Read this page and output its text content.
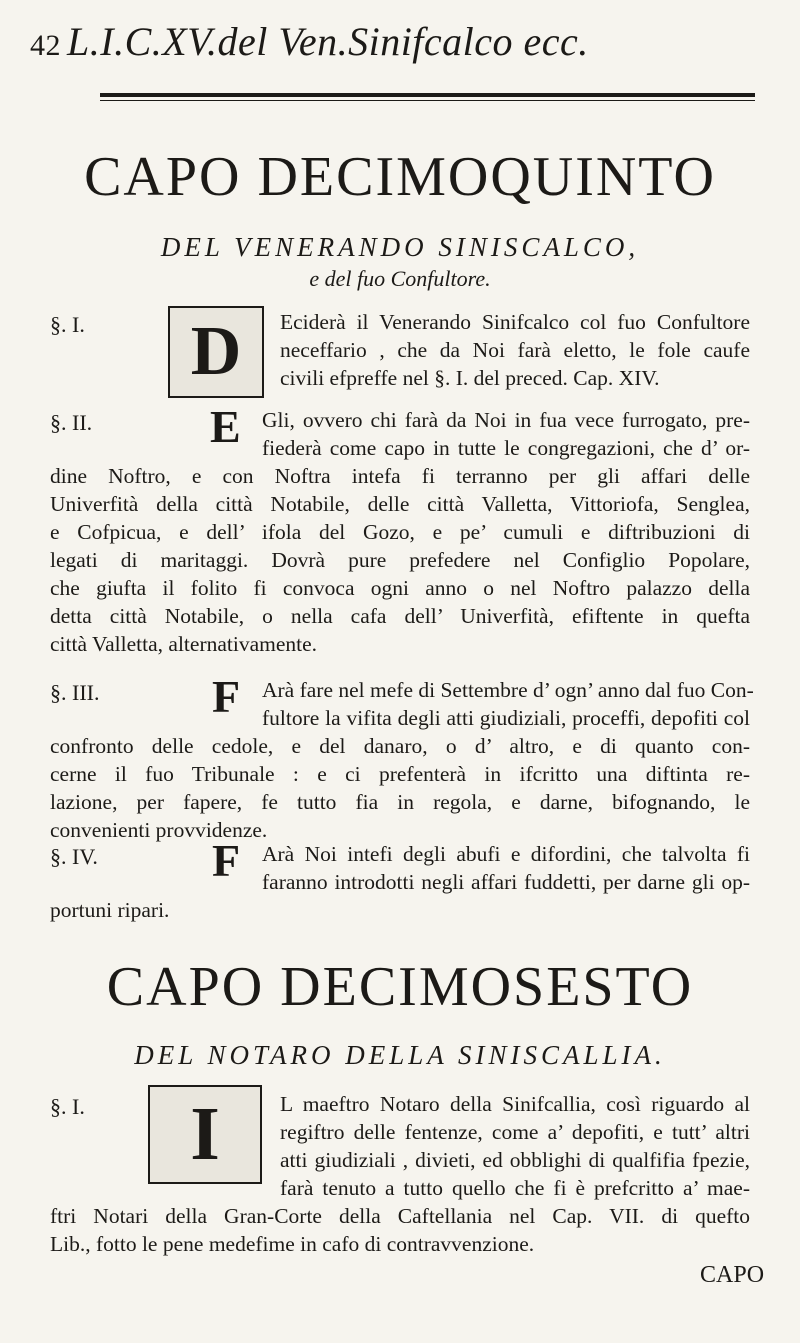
42 L.I.C.XV.del Ven.Sinifcalco ecc.
CAPO DECIMOQUINTO
DEL VENERANDO SINISCALCO,
e del fuo Confultore.
§. I. D Eciderà il Venerando Sinifcalco col fuo Confultore
neceffario , che da Noi farà eletto, le fole caufe
civili efpreffe nel §. I. del preced. Cap. XIV.
§. II.	E Gli, ovvero chi farà da Noi in fua vece furrogato, pre-
fiederà come capo in tutte le congregazioni, che d’ or-
dine Noftro, e con Noftra intefa fi terranno per gli affari delle
Univerfità della città Notabile, delle città Valletta, Vittoriofa, Senglea,
e Cofpicua, e dell’ ifola del Gozo, e pe’ cumuli e diftribuzioni di
legati di maritaggi. Dovrà pure prefedere nel Configlio Popolare,
che giufta il folito fi convoca ogni anno o nel Noftro palazzo della
detta città Notabile, o nella cafa dell’ Univerfità, efiftente in quefta
città Valletta, alternativamente.
§. III. F Arà fare nel mefe di Settembre d’ ogn’ anno dal fuo Con-
fultore la vifita degli atti giudiziali, proceffi, depofiti col
confronto delle cedole, e del danaro, o d’ altro, e di quanto con-
cerne il fuo Tribunale : e ci prefenterà in ifcritto una diftinta re-
lazione, per fapere, fe tutto fia in regola, e darne, bifognando, le
convenienti provvidenze.
§. IV. F Arà Noi intefi degli abufi e difordini, che talvolta fi
faranno introdotti negli affari fuddetti, per darne gli op-
portuni ripari.
CAPO DECIMOSESTO
DEL NOTARO DELLA SINISCALLIA.
§. I. I	L maeftro Notaro della Sinifcallia, così riguardo al
regiftro delle fentenze, come a’ depofiti, e tutt’ altri
atti giudiziali , divieti, ed obblighi di qualfifia fpezie,
farà tenuto a tutto quello che fi è prefcritto a’ mae-
ftri Notari della Gran-Corte della Caftellania nel Cap. VII. di quefto
Lib., fotto le pene medefime in cafo di contravvenzione.
CAPO
